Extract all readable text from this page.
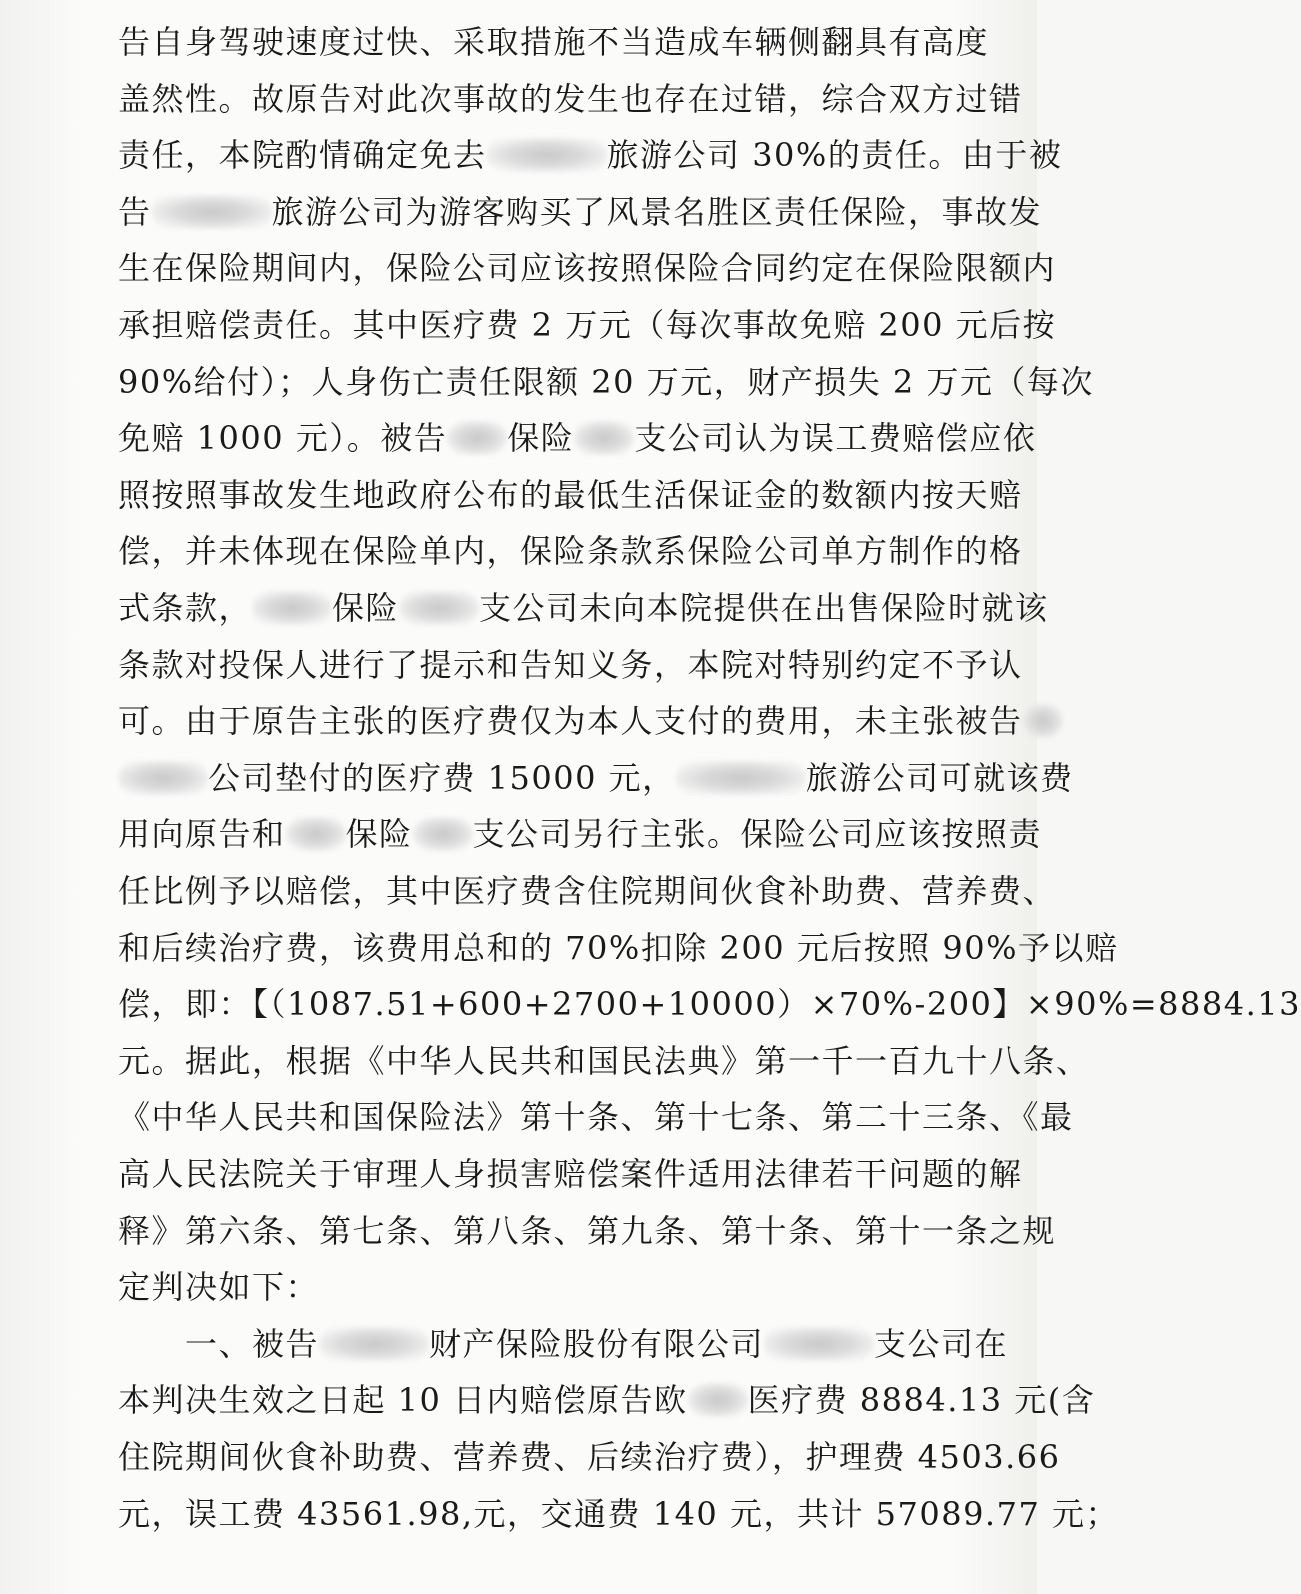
告自身驾驶速度过快、采取措施不当造成车辆侧翻具有高度
盖然性。故原告对此次事故的发生也存在过错，综合双方过错
责任，本院酌情确定免去	旅游公司 30%的责任。由于被
告	旅游公司为游客购买了风景名胜区责任保险，事故发
生在保险期间内，保险公司应该按照保险合同约定在保险限额内
承担赔偿责任。其中医疗费 2 万元（每次事故免赔 200 元后按
90%给付）；人身伤亡责任限额 20 万元，财产损失 2 万元（每次
免赔 1000 元）。被告 保险 支公司认为误工费赔偿应依
照按照事故发生地政府公布的最低生活保证金的数额内按天赔
偿，并未体现在保险单内，保险条款系保险公司单方制作的格
式条款，	保险	支公司未向本院提供在出售保险时就该
条款对投保人进行了提示和告知义务，本院对特别约定不予认
可。由于原告主张的医疗费仅为本人支付的费用，未主张被告
公司垫付的医疗费 15000 元，	旅游公司可就该费
用向原告和 保险 支公司另行主张。保险公司应该按照责
任比例予以赔偿，其中医疗费含住院期间伙食补助费、营养费、
和后续治疗费，该费用总和的 70%扣除 200 元后按照 90%予以赔
偿，即：【（1087.51+600+2700+10000）×70%-200】×90%=8884.13
元。据此，根据《中华人民共和国民法典》第一千一百九十八条、
《中华人民共和国保险法》第十条、第十七条、第二十三条、《最
高人民法院关于审理人身损害赔偿案件适用法律若干问题的解
释》第六条、第七条、第八条、第九条、第十条、第十一条之规
定判决如下：
　　一、被告	财产保险股份有限公司	支公司在
本判决生效之日起 10 日内赔偿原告欧 医疗费 8884.13 元(含
住院期间伙食补助费、营养费、后续治疗费），护理费 4503.66
元，误工费 43561.98,元，交通费 140 元，共计 57089.77 元；
